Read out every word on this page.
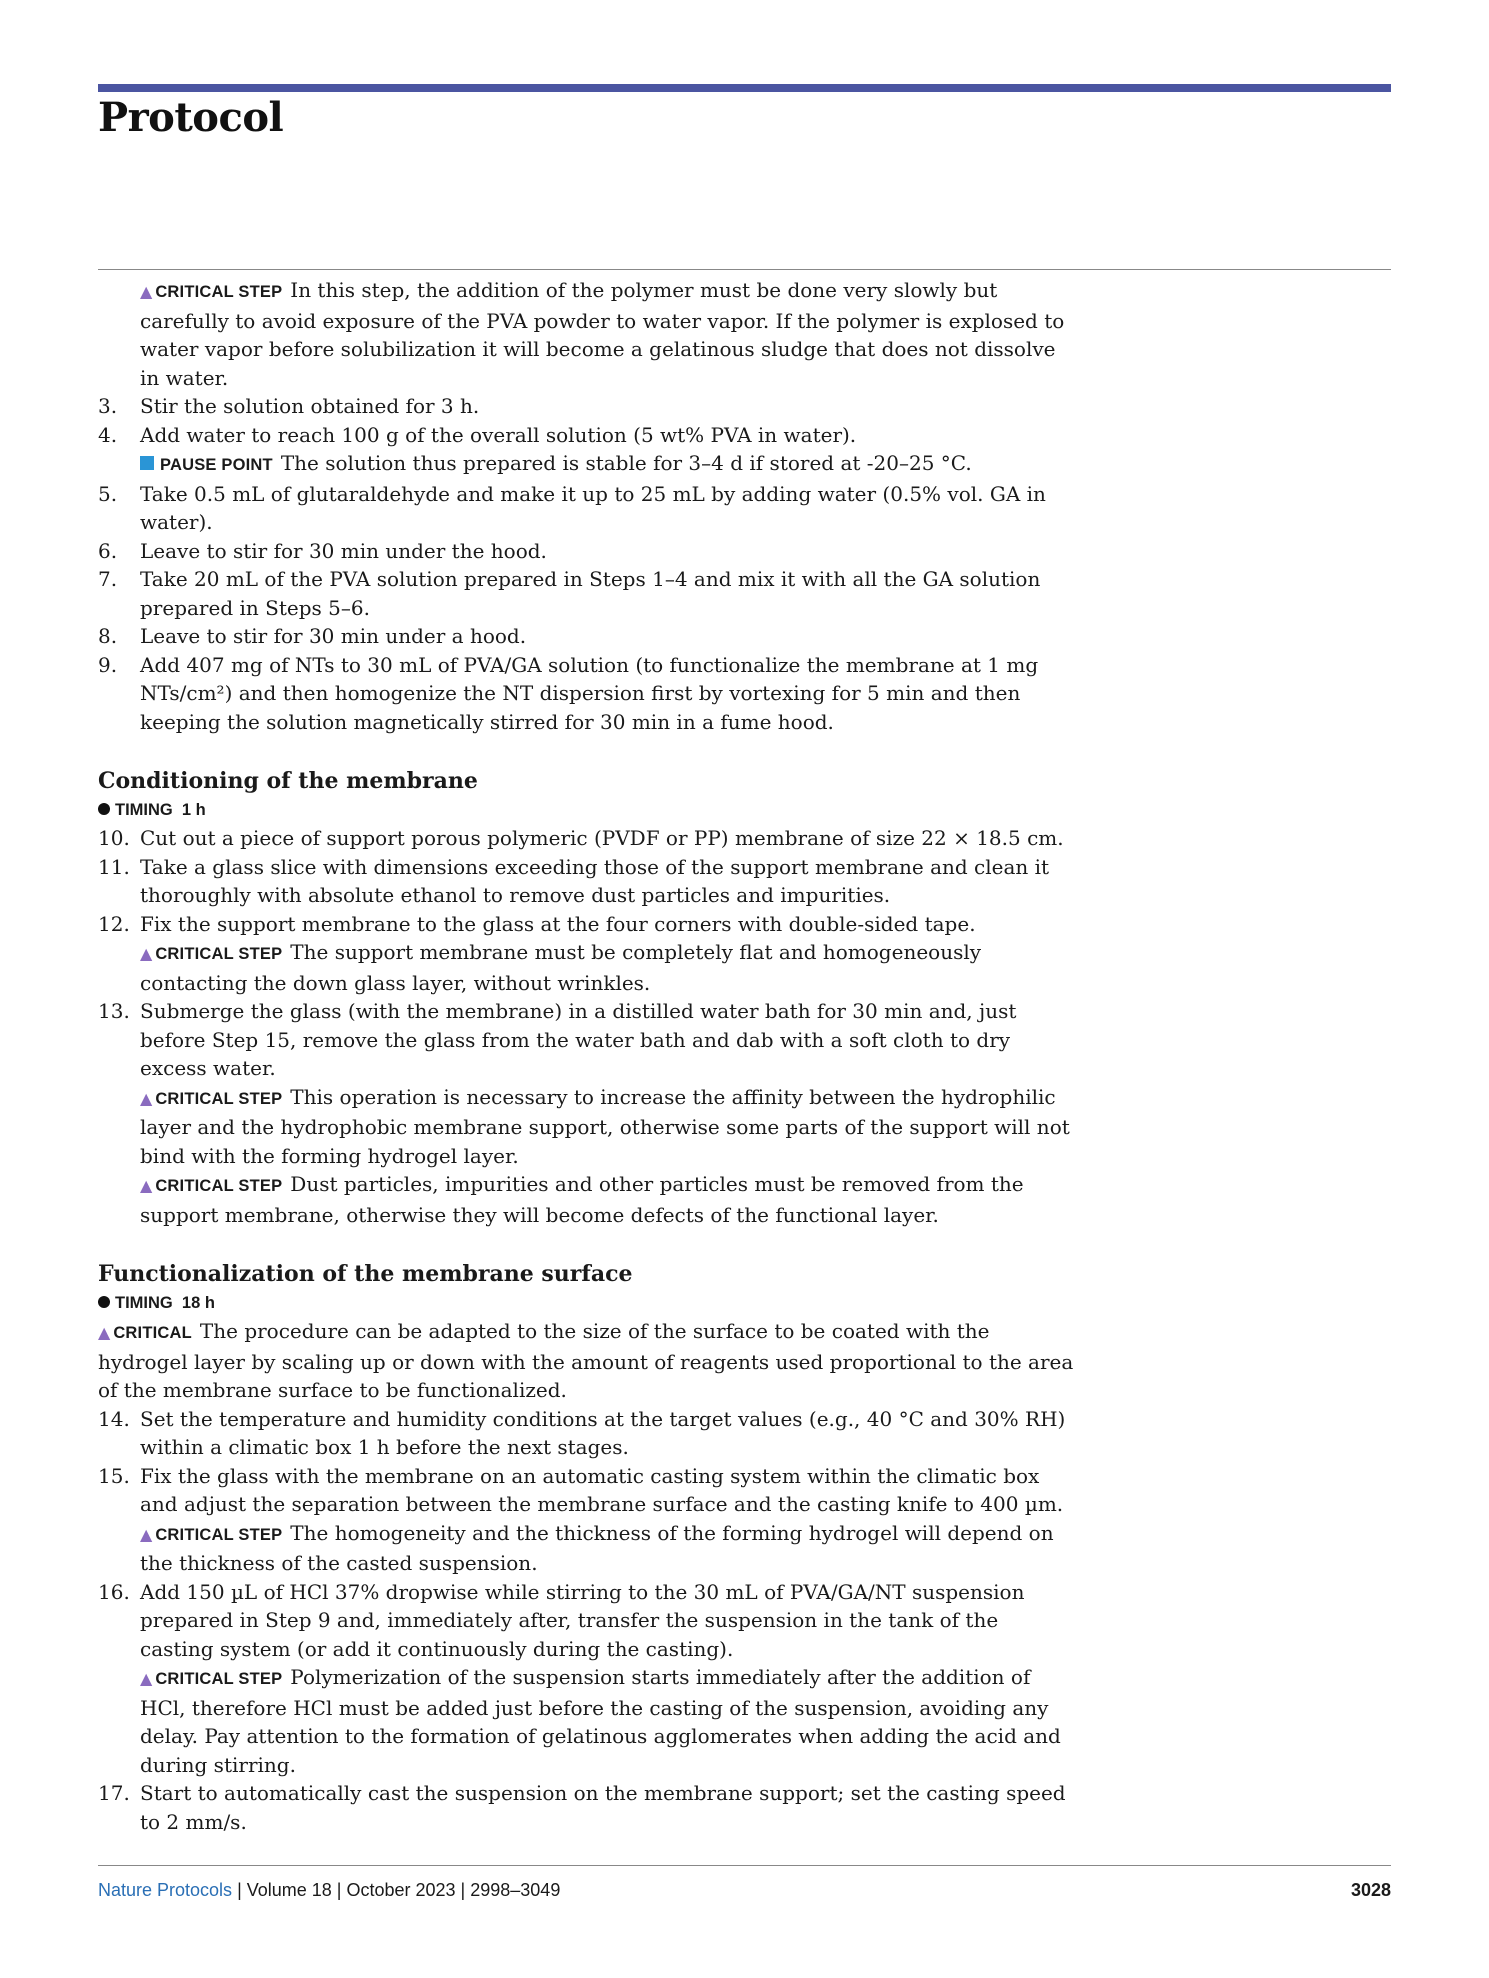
Protocol

▲ CRITICAL STEP In this step, the addition of the polymer must be done very slowly but carefully to avoid exposure of the PVA powder to water vapor. If the polymer is explosed to water vapor before solubilization it will become a gelatinous sludge that does not dissolve in water.

3.	Stir the solution obtained for 3 h.

4.	Add water to reach 100 g of the overall solution (5 wt% PVA in water).

PAUSE POINT The solution thus prepared is stable for 3–4 d if stored at -20–25 °C.

5.	Take 0.5 mL of glutaraldehyde and make it up to 25 mL by adding water (0.5% vol. GA in water).

6.	Leave to stir for 30 min under the hood.

7.	Take 20 mL of the PVA solution prepared in Steps 1–4 and mix it with all the GA solution prepared in Steps 5–6.

8.	Leave to stir for 30 min under a hood.

9.	Add 407 mg of NTs to 30 mL of PVA/GA solution (to functionalize the membrane at 1 mg NTs/cm²) and then homogenize the NT dispersion first by vortexing for 5 min and then keeping the solution magnetically stirred for 30 min in a fume hood.

Conditioning of the membrane
TIMING 1 h

10. Cut out a piece of support porous polymeric (PVDF or PP) membrane of size 22 × 18.5 cm.

11. Take a glass slice with dimensions exceeding those of the support membrane and clean it thoroughly with absolute ethanol to remove dust particles and impurities.

12. Fix the support membrane to the glass at the four corners with double-sided tape.

▲ CRITICAL STEP The support membrane must be completely flat and homogeneously contacting the down glass layer, without wrinkles.

13. Submerge the glass (with the membrane) in a distilled water bath for 30 min and, just before Step 15, remove the glass from the water bath and dab with a soft cloth to dry excess water.

▲ CRITICAL STEP This operation is necessary to increase the affinity between the hydrophilic layer and the hydrophobic membrane support, otherwise some parts of the support will not bind with the forming hydrogel layer.

▲ CRITICAL STEP Dust particles, impurities and other particles must be removed from the support membrane, otherwise they will become defects of the functional layer.

Functionalization of the membrane surface
TIMING 18 h

▲ CRITICAL The procedure can be adapted to the size of the surface to be coated with the hydrogel layer by scaling up or down with the amount of reagents used proportional to the area of the membrane surface to be functionalized.

14. Set the temperature and humidity conditions at the target values (e.g., 40 °C and 30% RH) within a climatic box 1 h before the next stages.

15. Fix the glass with the membrane on an automatic casting system within the climatic box and adjust the separation between the membrane surface and the casting knife to 400 µm.

▲ CRITICAL STEP The homogeneity and the thickness of the forming hydrogel will depend on the thickness of the casted suspension.

16. Add 150 µL of HCl 37% dropwise while stirring to the 30 mL of PVA/GA/NT suspension prepared in Step 9 and, immediately after, transfer the suspension in the tank of the casting system (or add it continuously during the casting).

▲ CRITICAL STEP Polymerization of the suspension starts immediately after the addition of HCl, therefore HCl must be added just before the casting of the suspension, avoiding any delay. Pay attention to the formation of gelatinous agglomerates when adding the acid and during stirring.

17. Start to automatically cast the suspension on the membrane support; set the casting speed to 2 mm/s.

Nature Protocols | Volume 18 | October 2023 | 2998–3049	3028
